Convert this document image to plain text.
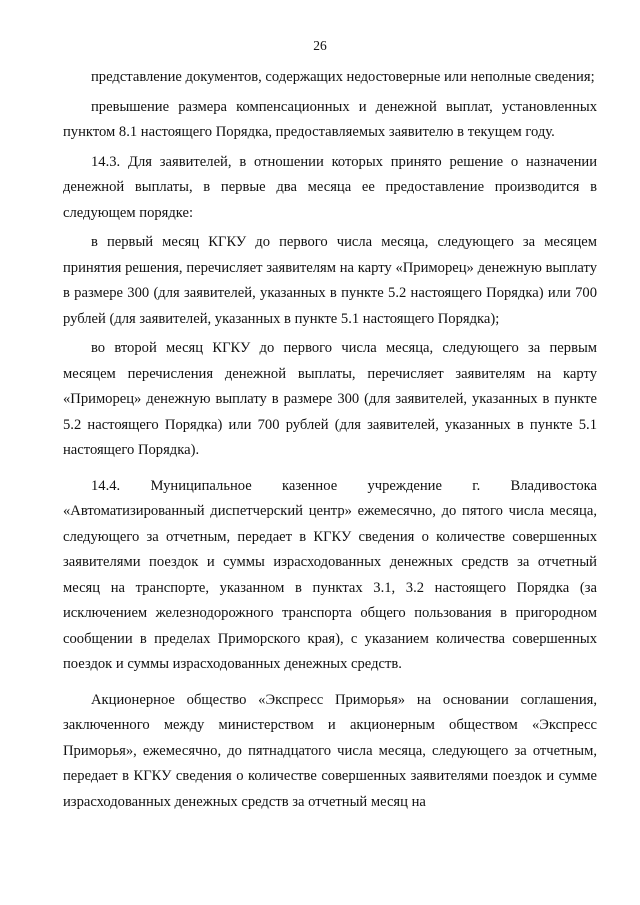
26

представление документов, содержащих недостоверные или неполные сведения;

превышение размера компенсационных и денежной выплат, установленных пунктом 8.1 настоящего Порядка, предоставляемых заявителю в текущем году.

14.3. Для заявителей, в отношении которых принято решение о назначении денежной выплаты, в первые два месяца ее предоставление производится в следующем порядке:

в первый месяц КГКУ до первого числа месяца, следующего за месяцем принятия решения, перечисляет заявителям на карту «Приморец» денежную выплату в размере 300 (для заявителей, указанных в пункте 5.2 настоящего Порядка) или 700 рублей (для заявителей, указанных в пункте 5.1 настоящего Порядка);

во второй месяц КГКУ до первого числа месяца, следующего за первым месяцем перечисления денежной выплаты, перечисляет заявителям на карту «Приморец» денежную выплату в размере 300 (для заявителей, указанных в пункте 5.2 настоящего Порядка) или 700 рублей (для заявителей, указанных в пункте 5.1 настоящего Порядка).

14.4. Муниципальное казенное учреждение г. Владивостока «Автоматизированный диспетчерский центр» ежемесячно, до пятого числа месяца, следующего за отчетным, передает в КГКУ сведения о количестве совершенных заявителями поездок и суммы израсходованных денежных средств за отчетный месяц на транспорте, указанном в пунктах 3.1, 3.2 настоящего Порядка (за исключением железнодорожного транспорта общего пользования в пригородном сообщении в пределах Приморского края), с указанием количества совершенных поездок и суммы израсходованных денежных средств.

Акционерное общество «Экспресс Приморья» на основании соглашения, заключенного между министерством и акционерным обществом «Экспресс Приморья», ежемесячно, до пятнадцатого числа месяца, следующего за отчетным, передает в КГКУ сведения о количестве совершенных заявителями поездок и сумме израсходованных денежных средств за отчетный месяц на
